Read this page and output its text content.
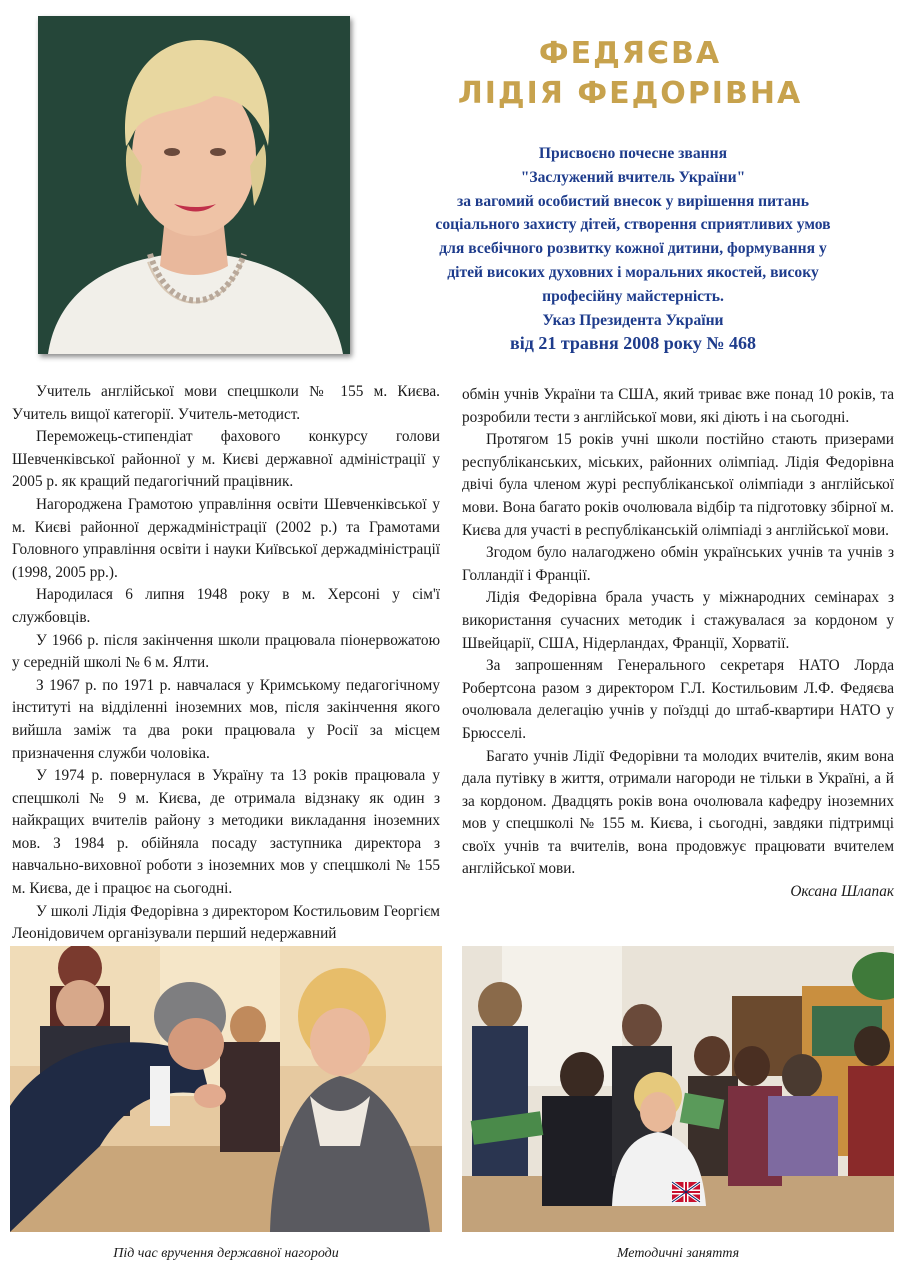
ФЕДЯЄВА
ЛІДІЯ ФЕДОРІВНА
Присвоєно почесне звання
"Заслужений вчитель України"
за вагомий особистий внесок у вирішення питань
соціального захисту дітей, створення сприятливих умов
для всебічного розвитку кожної дитини, формування у
дітей високих духовних і моральних якостей, високу
професійну майстерність.
Указ Президента України
від 21 травня 2008 року № 468

Учитель англійської мови спецшколи № 155 м. Києва. Учитель вищої категорії. Учитель-методист.

Переможець-стипендіат фахового конкурсу голови Шевченківської районної у м. Києві державної адміністрації у 2005 р. як кращий педагогічний працівник.

Нагороджена Грамотою управління освіти Шевченківської у м. Києві районної держадміністрації (2002 р.) та Грамотами Головного управління освіти і науки Київської держадміністрації (1998, 2005 рр.).

Народилася 6 липня 1948 року в м. Херсоні у сім'ї службовців.

У 1966 р. після закінчення школи працювала піонервожатою у середній школі № 6 м. Ялти.

З 1967 р. по 1971 р. навчалася у Кримському педагогічному інституті на відділенні іноземних мов, після закінчення якого вийшла заміж та два роки працювала у Росії за місцем призначення служби чоловіка.

У 1974 р. повернулася в Україну та 13 років працювала у спецшколі № 9 м. Києва, де отримала відзнаку як один з найкращих вчителів району з методики викладання іноземних мов. З 1984 р. обійняла посаду заступника директора з навчально-виховної роботи з іноземних мов у спецшколі № 155 м. Києва, де і працює на сьогодні.

У школі Лідія Федорівна з директором Костильовим Георгієм Леонідовичем організували перший недержавний

обмін учнів України та США, який триває вже понад 10 років, та розробили тести з англійської мови, які діють і на сьогодні.

Протягом 15 років учні школи постійно стають призерами республіканських, міських, районних олімпіад. Лідія Федорівна двічі була членом журі республіканської олімпіади з англійської мови. Вона багато років очолювала відбір та підготовку збірної м. Києва для участі в республіканській олімпіаді з англійської мови.

Згодом було налагоджено обмін українських учнів та учнів з Голландії і Франції.

Лідія Федорівна брала участь у міжнародних семінарах з використання сучасних методик і стажувалася за кордоном у Швейцарії, США, Нідерландах, Франції, Хорватії.

За запрошенням Генерального секретаря НАТО Лорда Робертсона разом з директором Г.Л. Костильовим Л.Ф. Федяєва очолювала делегацію учнів у поїздці до штаб-квартири НАТО у Брюсселі.

Багато учнів Лідії Федорівни та молодих вчителів, яким вона дала путівку в життя, отримали нагороди не тільки в Україні, а й за кордоном. Двадцять років вона очолювала кафедру іноземних мов у спецшколі № 155 м. Києва, і сьогодні, завдяки підтримці своїх учнів та вчителів, вона продовжує працювати вчителем англійської мови.

Оксана Шлапак

Під час вручення державної нагороди	Методичні заняття
